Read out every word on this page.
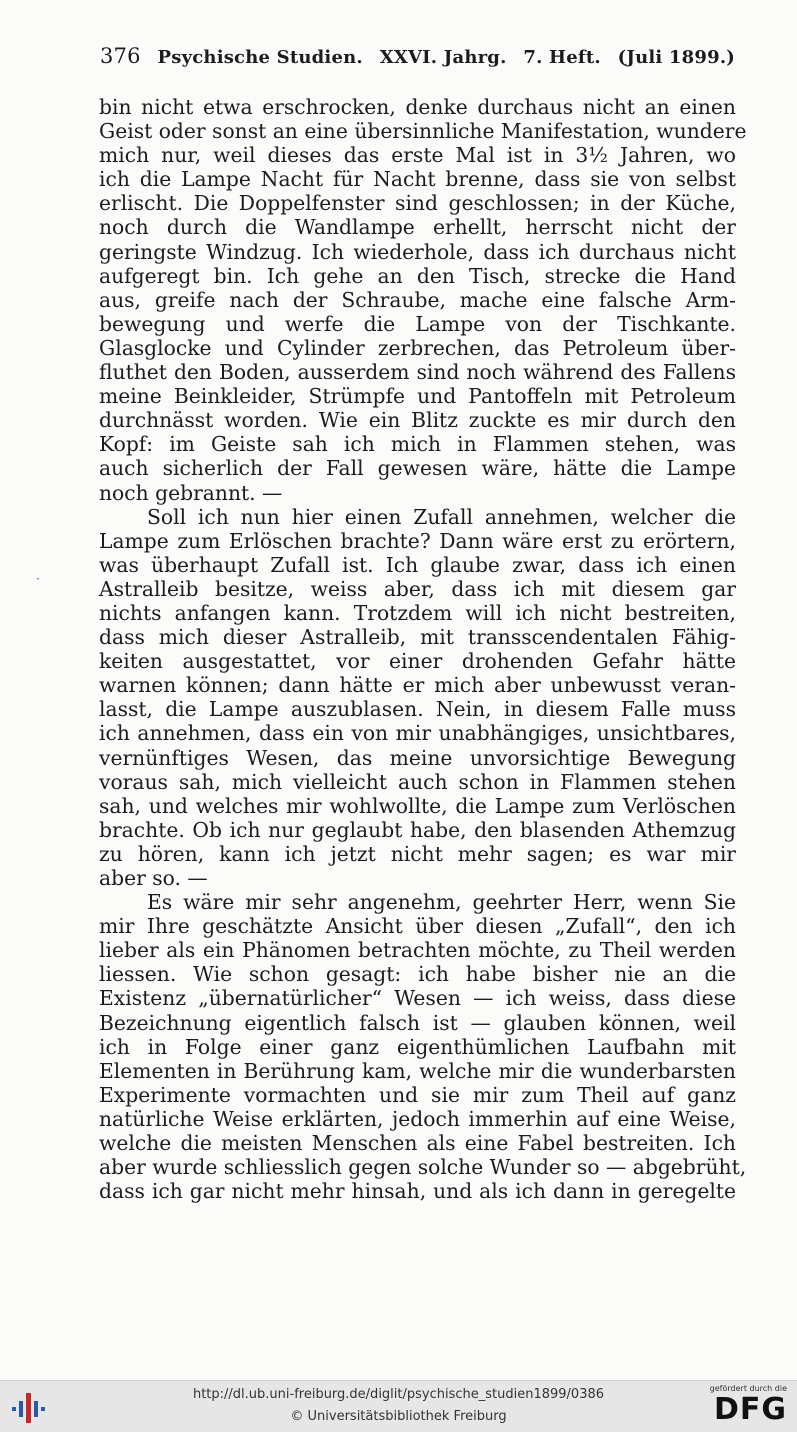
376 Psychische Studien. XXVI. Jahrg. 7. Heft. (Juli 1899.)
bin nicht etwa erschrocken, denke durchaus nicht an einen
Geist oder sonst an eine übersinnliche Manifestation, wundere
mich nur, weil dieses das erste Mal ist in 3½ Jahren, wo
ich die Lampe Nacht für Nacht brenne, dass sie von selbst
erlischt. Die Doppelfenster sind geschlossen; in der Küche,
noch durch die Wandlampe erhellt, herrscht nicht der
geringste Windzug. Ich wiederhole, dass ich durchaus nicht
aufgeregt bin. Ich gehe an den Tisch, strecke die Hand
aus, greife nach der Schraube, mache eine falsche Arm-
bewegung und werfe die Lampe von der Tischkante.
Glasglocke und Cylinder zerbrechen, das Petroleum über-
fluthet den Boden, ausserdem sind noch während des Fallens
meine Beinkleider, Strümpfe und Pantoffeln mit Petroleum
durchnässt worden. Wie ein Blitz zuckte es mir durch den
Kopf: im Geiste sah ich mich in Flammen stehen, was
auch sicherlich der Fall gewesen wäre, hätte die Lampe
noch gebrannt. —
Soll ich nun hier einen Zufall annehmen, welcher die
Lampe zum Erlöschen brachte? Dann wäre erst zu erörtern,
was überhaupt Zufall ist. Ich glaube zwar, dass ich einen
Astralleib besitze, weiss aber, dass ich mit diesem gar
nichts anfangen kann. Trotzdem will ich nicht bestreiten,
dass mich dieser Astralleib, mit transscendentalen Fähig-
keiten ausgestattet, vor einer drohenden Gefahr hätte
warnen können; dann hätte er mich aber unbewusst veran-
lasst, die Lampe auszublasen. Nein, in diesem Falle muss
ich annehmen, dass ein von mir unabhängiges, unsichtbares,
vernünftiges Wesen, das meine unvorsichtige Bewegung
voraus sah, mich vielleicht auch schon in Flammen stehen
sah, und welches mir wohlwollte, die Lampe zum Verlöschen
brachte. Ob ich nur geglaubt habe, den blasenden Athemzug
zu hören, kann ich jetzt nicht mehr sagen; es war mir
aber so. —
Es wäre mir sehr angenehm, geehrter Herr, wenn Sie
mir Ihre geschätzte Ansicht über diesen „Zufall“, den ich
lieber als ein Phänomen betrachten möchte, zu Theil werden
liessen. Wie schon gesagt: ich habe bisher nie an die
Existenz „übernatürlicher“ Wesen — ich weiss, dass diese
Bezeichnung eigentlich falsch ist — glauben können, weil
ich in Folge einer ganz eigenthümlichen Laufbahn mit
Elementen in Berührung kam, welche mir die wunderbarsten
Experimente vormachten und sie mir zum Theil auf ganz
natürliche Weise erklärten, jedoch immerhin auf eine Weise,
welche die meisten Menschen als eine Fabel bestreiten. Ich
aber wurde schliesslich gegen solche Wunder so — abgebrüht,
dass ich gar nicht mehr hinsah, und als ich dann in geregelte
·
http://dl.ub.uni-freiburg.de/diglit/psychische_studien1899/0386
© Universitätsbibliothek Freiburg
gefördert durch die
DFG
